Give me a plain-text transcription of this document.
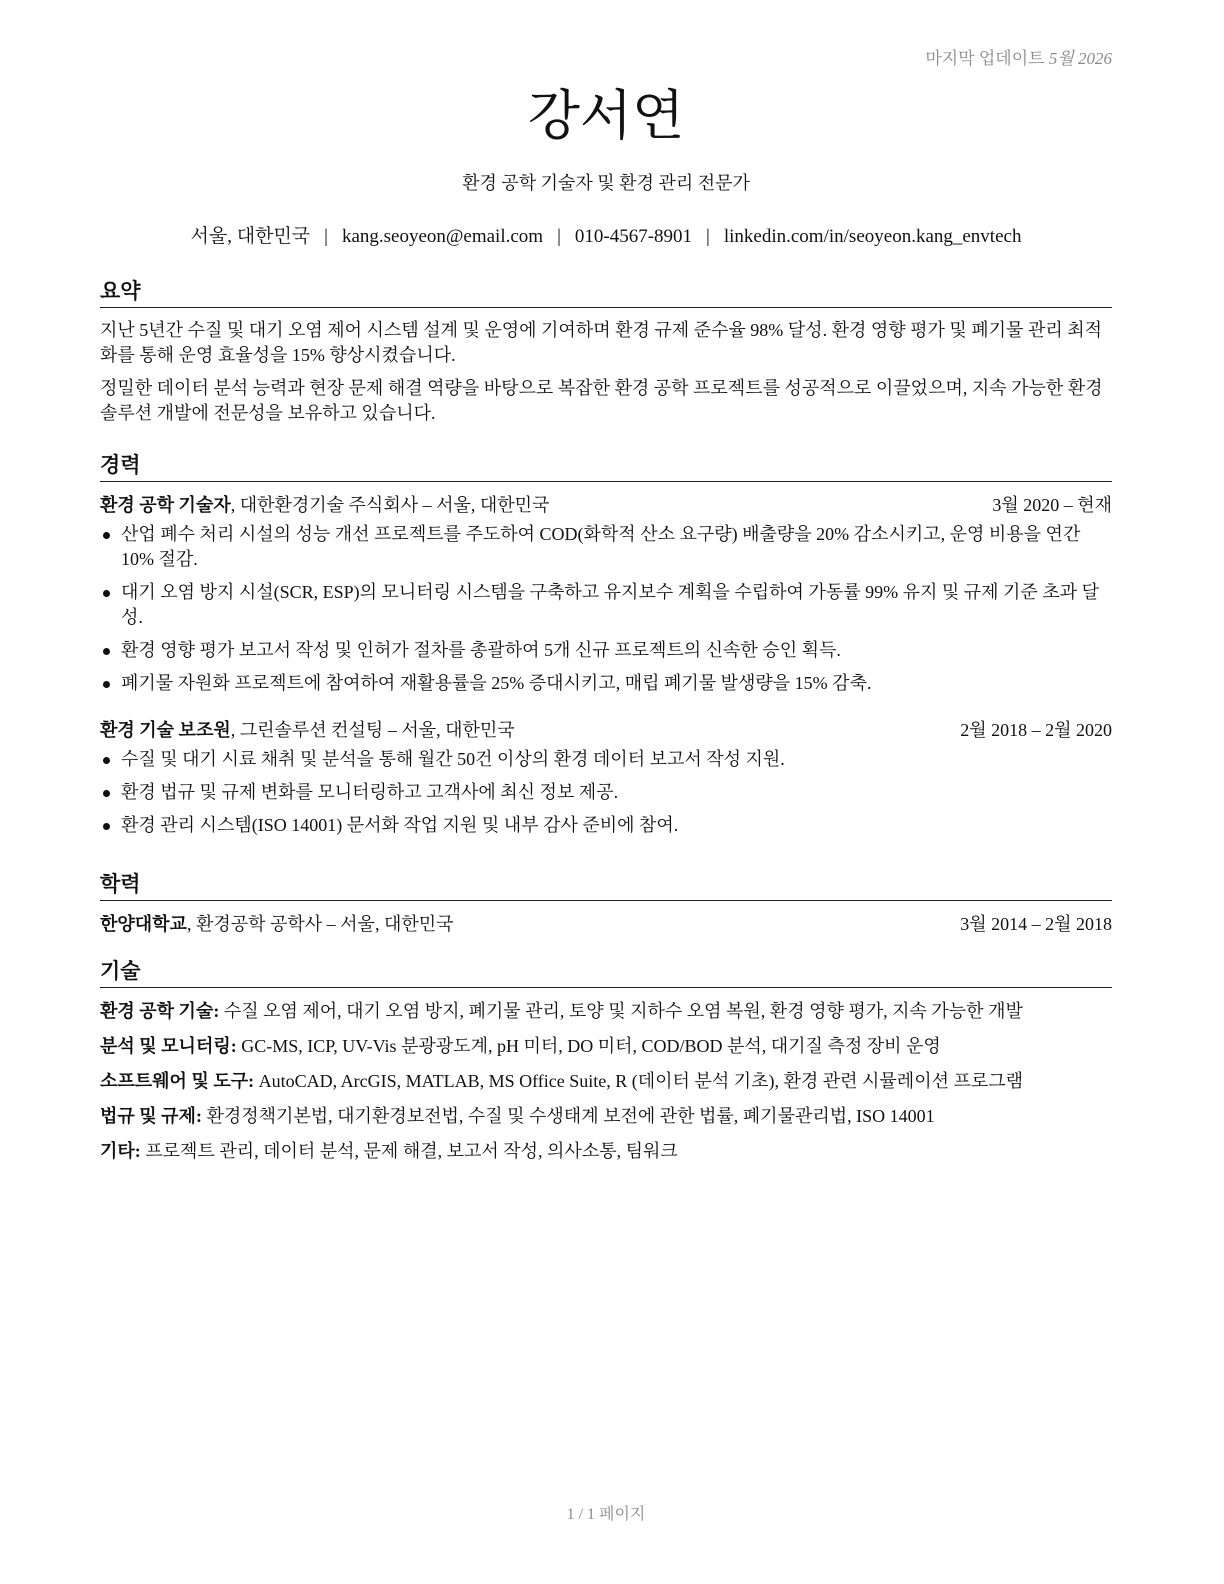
마지막 업데이트 5월 2026
강서연
환경 공학 기술자 및 환경 관리 전문가
서울, 대한민국 | kang.seoyeon@email.com | 010-4567-8901 | linkedin.com/in/seoyeon.kang_envtech
요약

지난 5년간 수질 및 대기 오염 제어 시스템 설계 및 운영에 기여하며 환경 규제 준수율 98% 달성. 환경 영향 평가 및 폐기물 관리 최적화를 통해 운영 효율성을 15% 향상시켰습니다.

정밀한 데이터 분석 능력과 현장 문제 해결 역량을 바탕으로 복잡한 환경 공학 프로젝트를 성공적으로 이끌었으며, 지속 가능한 환경 솔루션 개발에 전문성을 보유하고 있습니다.

경력
환경 공학 기술자, 대한환경기술 주식회사 – 서울, 대한민국	3월 2020 – 현재
산업 폐수 처리 시설의 성능 개선 프로젝트를 주도하여 COD(화학적 산소 요구량) 배출량을 20% 감소시키고, 운영 비용을 연간 10% 절감.
대기 오염 방지 시설(SCR, ESP)의 모니터링 시스템을 구축하고 유지보수 계획을 수립하여 가동률 99% 유지 및 규제 기준 초과 달성.
환경 영향 평가 보고서 작성 및 인허가 절차를 총괄하여 5개 신규 프로젝트의 신속한 승인 획득.
폐기물 자원화 프로젝트에 참여하여 재활용률을 25% 증대시키고, 매립 폐기물 발생량을 15% 감축.
환경 기술 보조원, 그린솔루션 컨설팅 – 서울, 대한민국	2월 2018 – 2월 2020
수질 및 대기 시료 채취 및 분석을 통해 월간 50건 이상의 환경 데이터 보고서 작성 지원.
환경 법규 및 규제 변화를 모니터링하고 고객사에 최신 정보 제공.
환경 관리 시스템(ISO 14001) 문서화 작업 지원 및 내부 감사 준비에 참여.
학력
한양대학교, 환경공학 공학사 – 서울, 대한민국	3월 2014 – 2월 2018
기술
환경 공학 기술: 수질 오염 제어, 대기 오염 방지, 폐기물 관리, 토양 및 지하수 오염 복원, 환경 영향 평가, 지속 가능한 개발
분석 및 모니터링: GC-MS, ICP, UV-Vis 분광광도계, pH 미터, DO 미터, COD/BOD 분석, 대기질 측정 장비 운영
소프트웨어 및 도구: AutoCAD, ArcGIS, MATLAB, MS Office Suite, R (데이터 분석 기초), 환경 관련 시뮬레이션 프로그램
법규 및 규제: 환경정책기본법, 대기환경보전법, 수질 및 수생태계 보전에 관한 법률, 폐기물관리법, ISO 14001
기타: 프로젝트 관리, 데이터 분석, 문제 해결, 보고서 작성, 의사소통, 팀워크
1 / 1 페이지
